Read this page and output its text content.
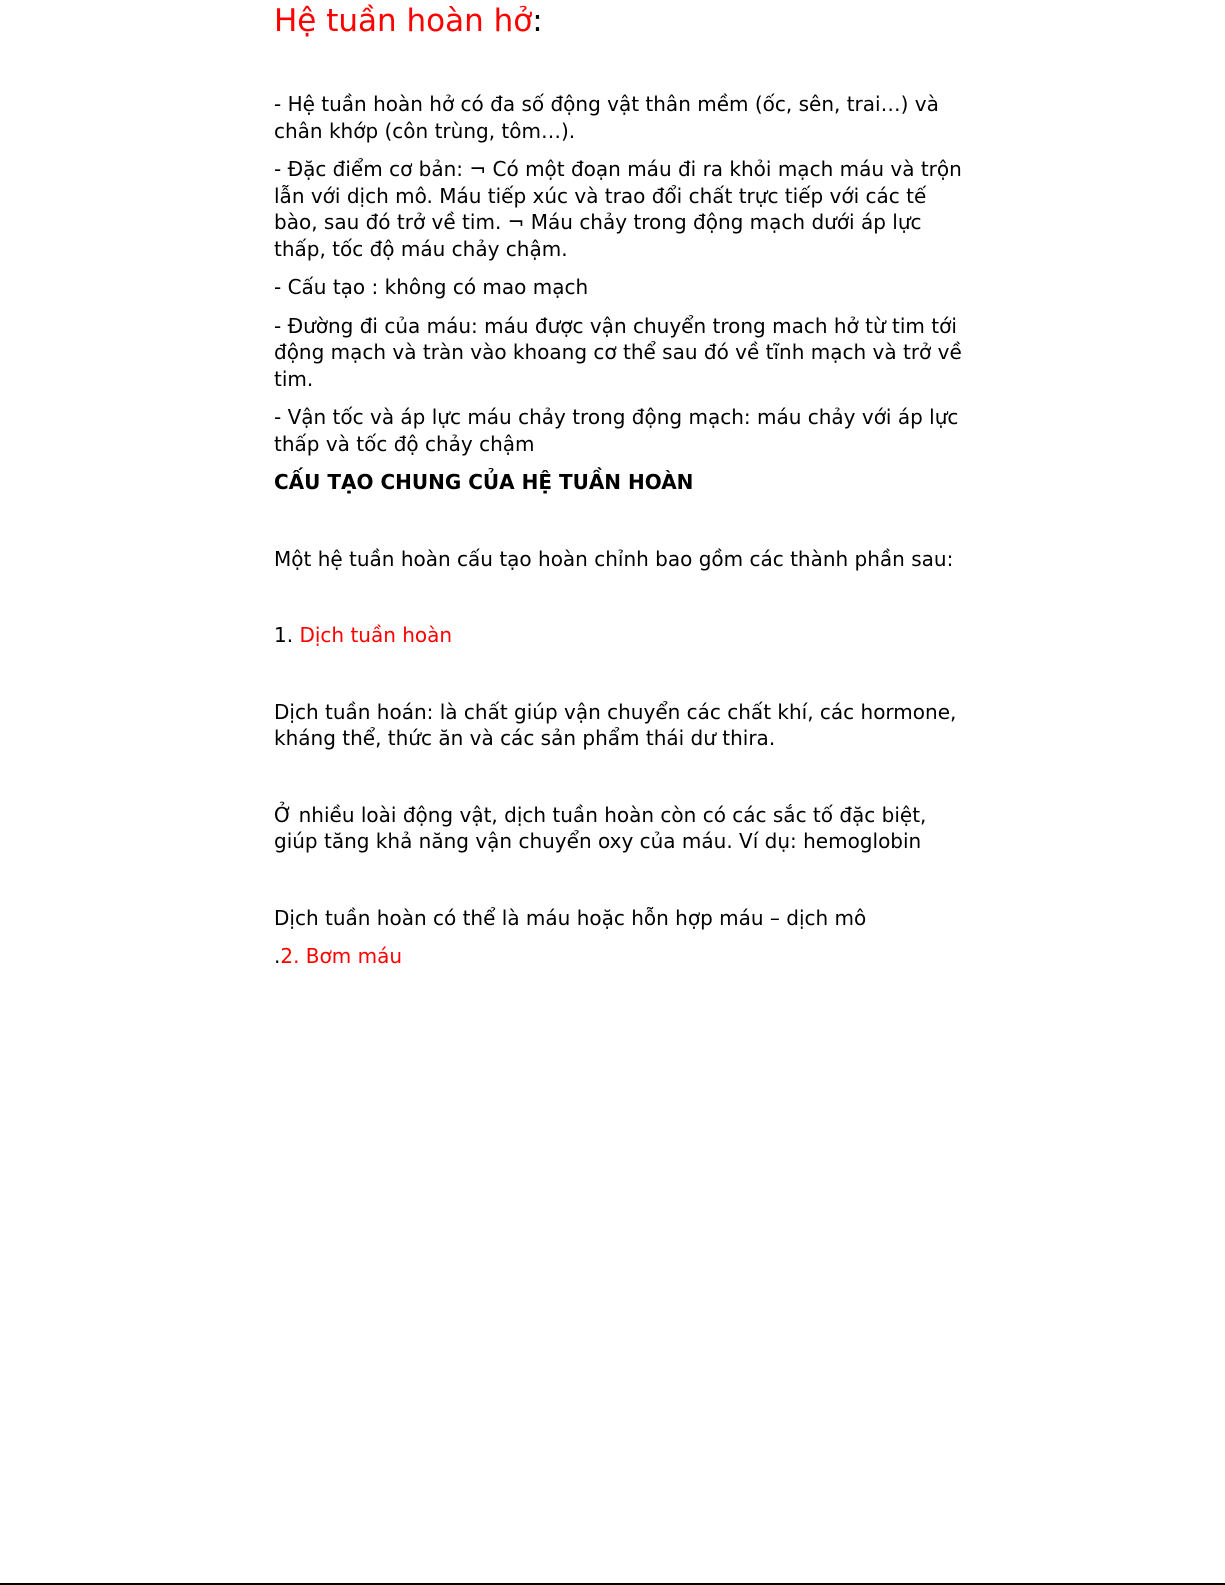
Hệ tuần hoàn hở:

- Hệ tuần hoàn hở có đa số động vật thân mềm (ốc, sên, trai…) và chân khớp (côn trùng, tôm…).

- Đặc điểm cơ bản: ¬ Có một đoạn máu đi ra khỏi mạch máu và trộn lẫn với dịch mô. Máu tiếp xúc và trao đổi chất trực tiếp với các tế bào, sau đó trở về tim. ¬ Máu chảy trong động mạch dưới áp lực thấp, tốc độ máu chảy chậm.

- Cấu tạo : không có mao mạch

- Đường đi của máu: máu được vận chuyển trong mach hở từ tim tới động mạch và tràn vào khoang cơ thể sau đó về tĩnh mạch và trở về tim.

- Vận tốc và áp lực máu chảy trong động mạch: máu chảy với áp lực thấp và tốc độ chảy chậm

CẤU TẠO CHUNG CỦA HỆ TUẦN HOÀN

Một hệ tuần hoàn cấu tạo hoàn chỉnh bao gồm các thành phần sau:

1. Dịch tuần hoàn

Dịch tuần hoán: là chất giúp vận chuyển các chất khí, các hormone, kháng thể, thức ăn và các sản phẩm thái dư thira.

Ở nhiều loài động vật, dịch tuần hoàn còn có các sắc tố đặc biệt, giúp tăng khả năng vận chuyển oxy của máu. Ví dụ: hemoglobin

Dịch tuần hoàn có thể là máu hoặc hỗn hợp máu – dịch mô

.2. Bơm máu
